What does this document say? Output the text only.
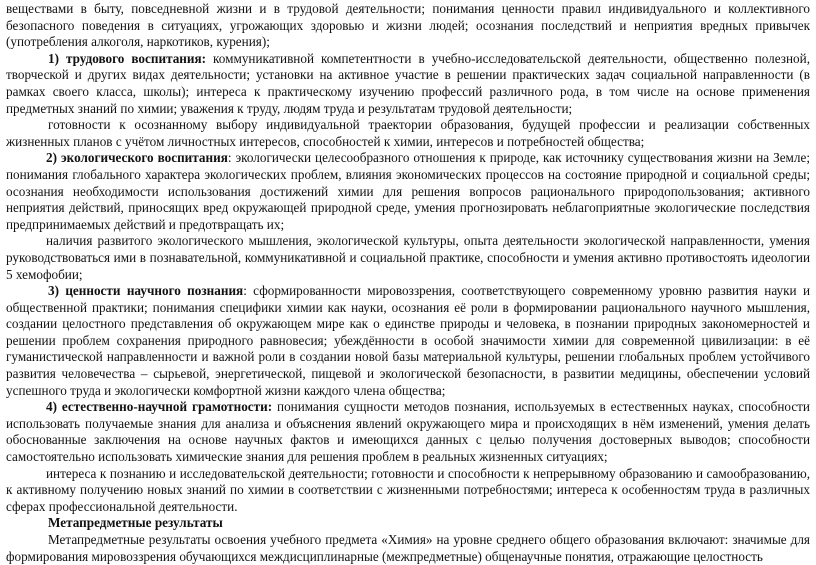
веществами в быту, повседневной жизни и в трудовой деятельности; понимания ценности правил индивидуального и коллективного безопасного поведения в ситуациях, угрожающих здоровью и жизни людей; осознания последствий и неприятия вредных привычек (употребления алкоголя, наркотиков, курения);

1) трудового воспитания: коммуникативной компетентности в учебно-исследовательской деятельности, общественно полезной, творческой и других видах деятельности; установки на активное участие в решении практических задач социальной направленности (в рамках своего класса, школы); интереса к практическому изучению профессий различного рода, в том числе на основе применения предметных знаний по химии; уважения к труду, людям труда и результатам трудовой деятельности;

готовности к осознанному выбору индивидуальной траектории образования, будущей профессии и реализации собственных жизненных планов с учётом личностных интересов, способностей к химии, интересов и потребностей общества;

2) экологического воспитания: экологически целесообразного отношения к природе, как источнику существования жизни на Земле; понимания глобального характера экологических проблем, влияния экономических процессов на состояние природной и социальной среды; осознания необходимости использования достижений химии для решения вопросов рационального природопользования; активного неприятия действий, приносящих вред окружающей природной среде, умения прогнозировать неблагоприятные экологические последствия предпринимаемых действий и предотвращать их;

наличия развитого экологического мышления, экологической культуры, опыта деятельности экологической направленности, умения руководствоваться ими в познавательной, коммуникативной и социальной практике, способности и умения активно противостоять идеологии 5 хемофобии;

3) ценности научного познания: сформированности мировоззрения, соответствующего современному уровню развития науки и общественной практики; понимания специфики химии как науки, осознания её роли в формировании рационального научного мышления, создании целостного представления об окружающем мире как о единстве природы и человека, в познании природных закономерностей и решении проблем сохранения природного равновесия; убеждённости в особой значимости химии для современной цивилизации: в её гуманистической направленности и важной роли в создании новой базы материальной культуры, решении глобальных проблем устойчивого развития человечества – сырьевой, энергетической, пищевой и экологической безопасности, в развитии медицины, обеспечении условий успешного труда и экологически комфортной жизни каждого члена общества;

4) естественно-научной грамотности: понимания сущности методов познания, используемых в естественных науках, способности использовать получаемые знания для анализа и объяснения явлений окружающего мира и происходящих в нём изменений, умения делать обоснованные заключения на основе научных фактов и имеющихся данных с целью получения достоверных выводов; способности самостоятельно использовать химические знания для решения проблем в реальных жизненных ситуациях;

интереса к познанию и исследовательской деятельности; готовности и способности к непрерывному образованию и самообразованию, к активному получению новых знаний по химии в соответствии с жизненными потребностями; интереса к особенностям труда в различных сферах профессиональной деятельности.

Метапредметные результаты

Метапредметные результаты освоения учебного предмета «Химия» на уровне среднего общего образования включают: значимые для формирования мировоззрения обучающихся междисциплинарные (межпредметные) общенаучные понятия, отражающие целостность
